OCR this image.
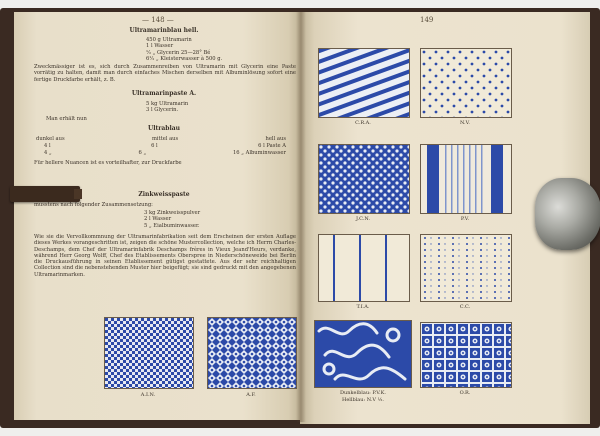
— 148 —
Ultramarinblau hell.
450 g Ultramarin
1 l Wasser
¹⁄₂ „ Glycerin 25—28° Bé
6¹⁄₂ „ Kleisterwasser à 500 g.
Zweckmässiger ist es, sich durch Zusammenreiben von Ultramarin mit Glycerin eine Paste vorrätig zu halten, damit man durch einfaches Mischen derselben mit Albuminlösung sofort eine fertige Druckfarbe erhält, z. B.
Ultramarinpaste A.
5 kg Ultramarin
3 l Glycerin.
Man erhält nun
Ultrablau
dunkel aus	mittel aus	hell aus
4 l	6 l	6 l Paste A
4 „	6 „	16 „ Albuminwasser
Für hellere Nuancen ist es vorteilhafter, zur Druckfarbe
Zinkweisspaste
musstens nach folgender Zusammensetzung:
3 kg Zinkweisspulver
2 l Wasser
5 „ Eialbuminwasser.
Wie sie die Vervollkommnung der Ultramarinfabrikation seit dem Erscheinen der ersten Auflage dieses Werkes vorangeschritten ist, zeigen die schöne Mustercollection, welche ich Herrn Charles-Deschamps, dem Chef der Ultramarinfabrik Deschamps frères in Vieux Jeand'Heurs, verdanke, während Herr Georg Wolff, Chef des Etablissements Oberspree in Niederschöneweide bei Berlin die Druckausführung in seinen Etablissement gütigst gestattete. Aus der sehr reichhaltigen Collection sind die nebenstehenden Muster hier beigefügt; sie sind gedruckt mit den angegebenen Ultramarinmarken.
A.I.N.	A.F.
149
C.R.A.	N.V.
J.C.N.	P.V.
T.I.A.	C.C.
Dunkelblau: P.V.K.
Hellblau: N.V ¹⁄₂.
O.R.
